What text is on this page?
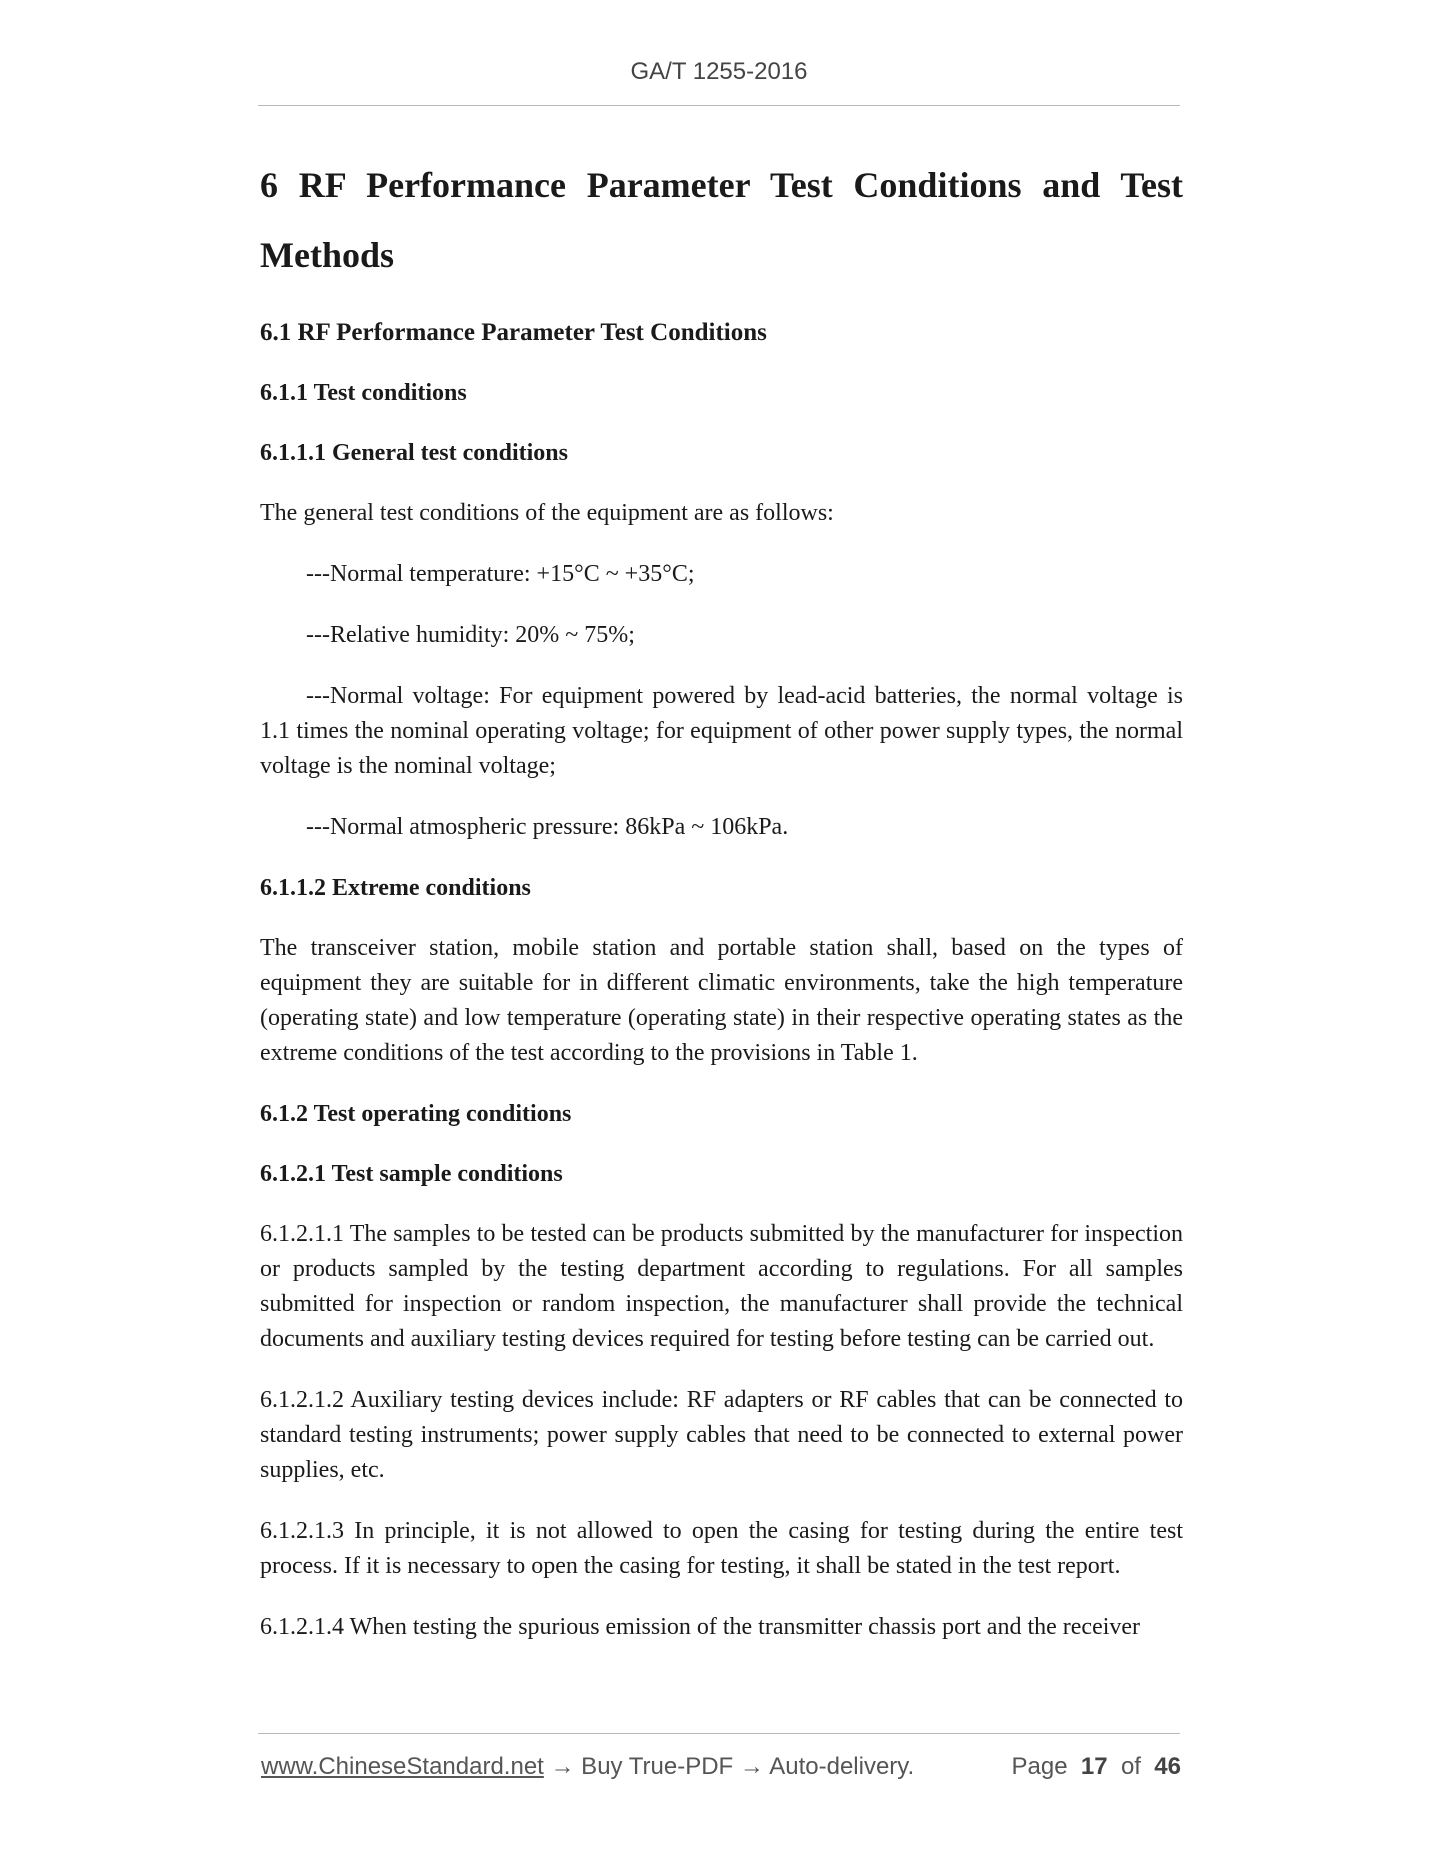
GA/T 1255-2016
6 RF Performance Parameter Test Conditions and Test
Methods
6.1 RF Performance Parameter Test Conditions
6.1.1 Test conditions
6.1.1.1 General test conditions
The general test conditions of the equipment are as follows:
---Normal temperature: +15°C ~ +35°C;
---Relative humidity: 20% ~ 75%;
---Normal voltage: For equipment powered by lead-acid batteries, the normal voltage is 1.1 times the nominal operating voltage; for equipment of other power supply types, the normal voltage is the nominal voltage;
---Normal atmospheric pressure: 86kPa ~ 106kPa.
6.1.1.2 Extreme conditions
The transceiver station, mobile station and portable station shall, based on the types of equipment they are suitable for in different climatic environments, take the high temperature (operating state) and low temperature (operating state) in their respective operating states as the extreme conditions of the test according to the provisions in Table 1.
6.1.2 Test operating conditions
6.1.2.1 Test sample conditions
6.1.2.1.1 The samples to be tested can be products submitted by the manufacturer for inspection or products sampled by the testing department according to regulations. For all samples submitted for inspection or random inspection, the manufacturer shall provide the technical documents and auxiliary testing devices required for testing before testing can be carried out.
6.1.2.1.2 Auxiliary testing devices include: RF adapters or RF cables that can be connected to standard testing instruments; power supply cables that need to be connected to external power supplies, etc.
6.1.2.1.3 In principle, it is not allowed to open the casing for testing during the entire test process. If it is necessary to open the casing for testing, it shall be stated in the test report.
6.1.2.1.4 When testing the spurious emission of the transmitter chassis port and the receiver
www.ChineseStandard.net → Buy True-PDF → Auto-delivery.	Page 17 of 46
